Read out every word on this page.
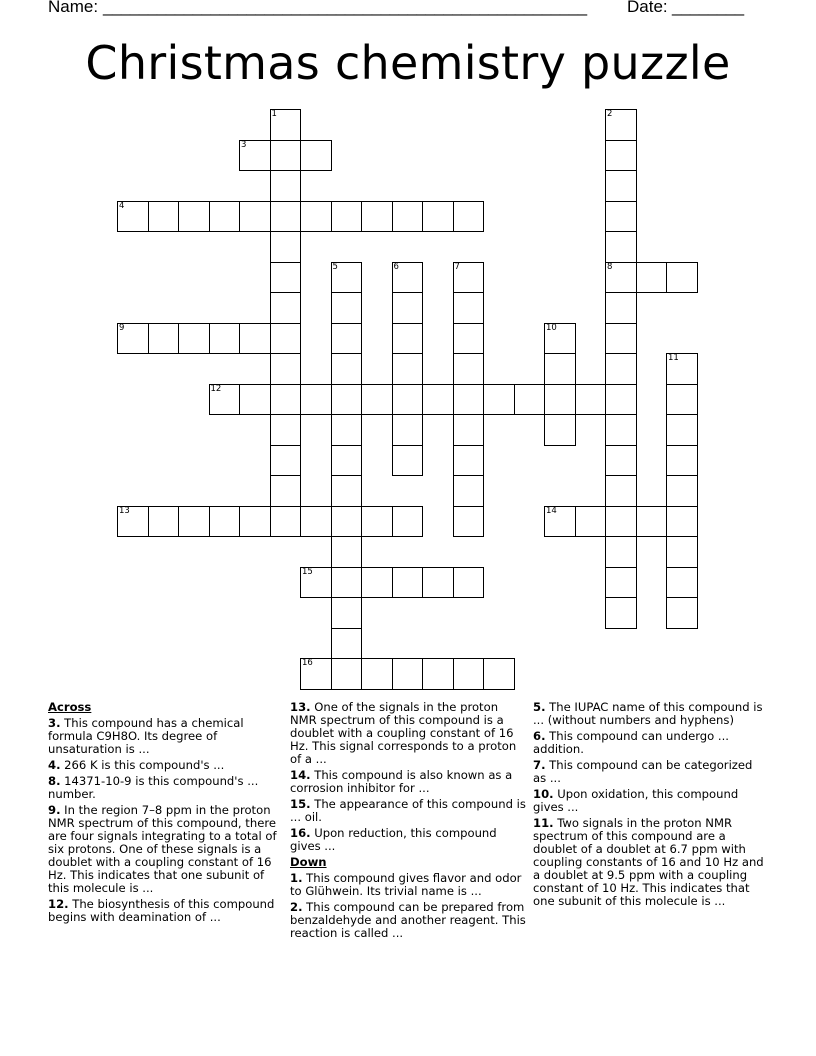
Name: ______________________________________________________ Date: ________
Christmas chemistry puzzle
1	2
8
3
4
5	6	7
9	10
11
12
13	14
15
16
Across
3. This compound has a chemical formula C9H8O. Its degree of unsaturation is ...
4. 266 K is this compound's ...
8. 14371-10-9 is this compound's ... number.
9. In the region 7–8 ppm in the proton NMR spectrum of this compound, there are four signals integrating to a total of six protons. One of these signals is a doublet with a coupling constant of 16 Hz. This indicates that one subunit of this molecule is ...
12. The biosynthesis of this compound begins with deamination of ...
13. One of the signals in the proton NMR spectrum of this compound is a doublet with a coupling constant of 16 Hz. This signal corresponds to a proton of a ...
14. This compound is also known as a corrosion inhibitor for ...
15. The appearance of this compound is ... oil.
16. Upon reduction, this compound gives ...
Down
1. This compound gives flavor and odor to Glühwein. Its trivial name is ...
2. This compound can be prepared from benzaldehyde and another reagent. This reaction is called ...
5. The IUPAC name of this compound is ... (without numbers and hyphens)
6. This compound can undergo ... addition.
7. This compound can be categorized as ...
10. Upon oxidation, this compound gives ...
11. Two signals in the proton NMR spectrum of this compound are a doublet of a doublet at 6.7 ppm with coupling constants of 16 and 10 Hz and a doublet at 9.5 ppm with a coupling constant of 10 Hz. This indicates that one subunit of this molecule is ...
